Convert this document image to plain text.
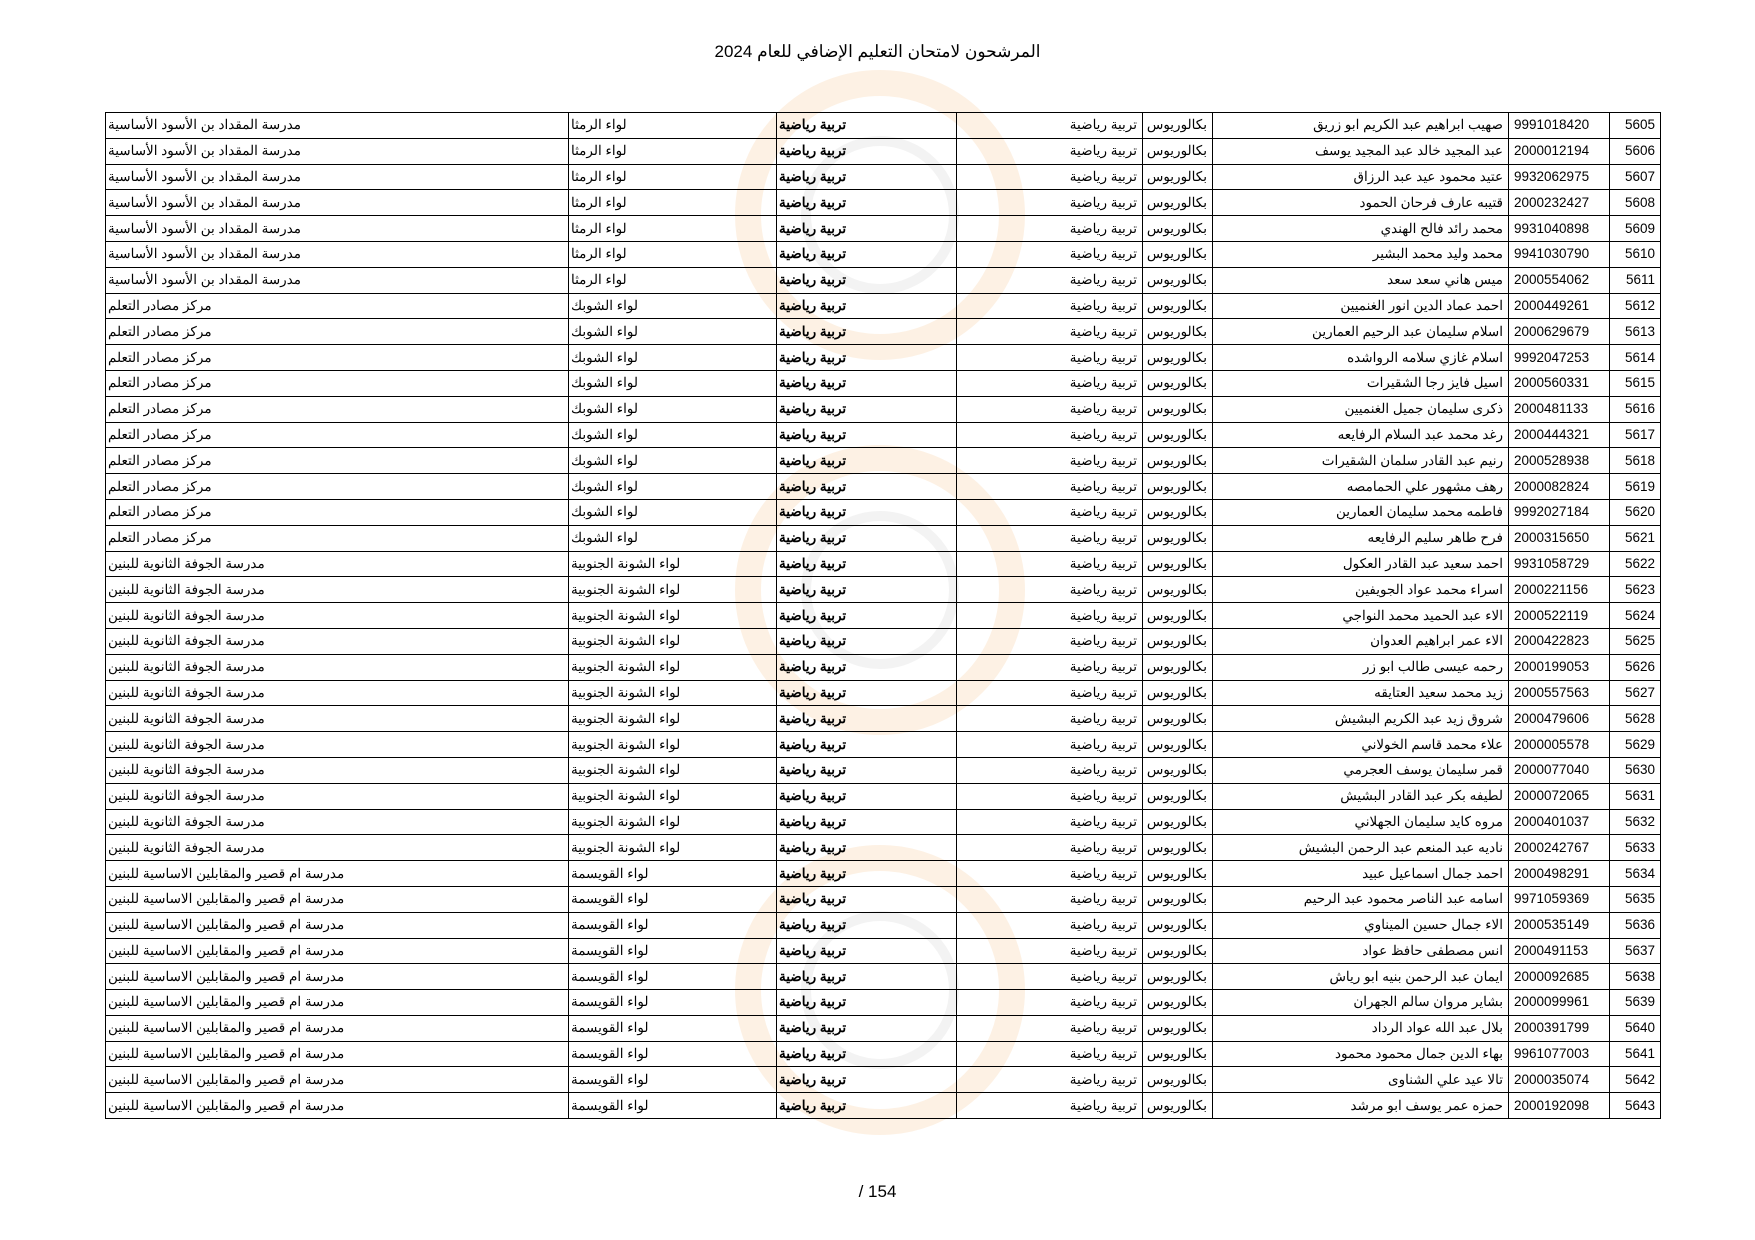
المرشحون لامتحان التعليم الإضافي للعام 2024
5605	9991018420	صهيب ابراهيم عبد الكريم ابو زريق	بكالوريوس	تربية رياضية	تربية رياضية	لواء الرمثا	مدرسة المقداد بن الأسود الأساسية
5606	2000012194	عبد المجيد خالد عبد المجيد يوسف	بكالوريوس	تربية رياضية	تربية رياضية	لواء الرمثا	مدرسة المقداد بن الأسود الأساسية
5607	9932062975	عتيد محمود عيد عبد الرزاق	بكالوريوس	تربية رياضية	تربية رياضية	لواء الرمثا	مدرسة المقداد بن الأسود الأساسية
5608	2000232427	قتيبه عارف فرحان الحمود	بكالوريوس	تربية رياضية	تربية رياضية	لواء الرمثا	مدرسة المقداد بن الأسود الأساسية
5609	9931040898	محمد رائد فالح الهندي	بكالوريوس	تربية رياضية	تربية رياضية	لواء الرمثا	مدرسة المقداد بن الأسود الأساسية
5610	9941030790	محمد وليد محمد البشير	بكالوريوس	تربية رياضية	تربية رياضية	لواء الرمثا	مدرسة المقداد بن الأسود الأساسية
5611	2000554062	ميس هاني سعد سعد	بكالوريوس	تربية رياضية	تربية رياضية	لواء الرمثا	مدرسة المقداد بن الأسود الأساسية
5612	2000449261	احمد عماد الدين انور الغنميين	بكالوريوس	تربية رياضية	تربية رياضية	لواء الشوبك	مركز مصادر التعلم
5613	2000629679	اسلام سليمان عبد الرحيم العمارين	بكالوريوس	تربية رياضية	تربية رياضية	لواء الشوبك	مركز مصادر التعلم
5614	9992047253	اسلام غازي سلامه الرواشده	بكالوريوس	تربية رياضية	تربية رياضية	لواء الشوبك	مركز مصادر التعلم
5615	2000560331	اسيل فايز رجا الشقيرات	بكالوريوس	تربية رياضية	تربية رياضية	لواء الشوبك	مركز مصادر التعلم
5616	2000481133	ذكرى سليمان جميل الغنميين	بكالوريوس	تربية رياضية	تربية رياضية	لواء الشوبك	مركز مصادر التعلم
5617	2000444321	رغد محمد عبد السلام الرفايعه	بكالوريوس	تربية رياضية	تربية رياضية	لواء الشوبك	مركز مصادر التعلم
5618	2000528938	رنيم عبد القادر سلمان الشقيرات	بكالوريوس	تربية رياضية	تربية رياضية	لواء الشوبك	مركز مصادر التعلم
5619	2000082824	رهف مشهور علي الحمامصه	بكالوريوس	تربية رياضية	تربية رياضية	لواء الشوبك	مركز مصادر التعلم
5620	9992027184	فاطمه محمد سليمان العمارين	بكالوريوس	تربية رياضية	تربية رياضية	لواء الشوبك	مركز مصادر التعلم
5621	2000315650	فرح طاهر سليم الرفايعه	بكالوريوس	تربية رياضية	تربية رياضية	لواء الشوبك	مركز مصادر التعلم
5622	9931058729	احمد سعيد عبد القادر العكول	بكالوريوس	تربية رياضية	تربية رياضية	لواء الشونة الجنوبية	مدرسة الجوفة الثانوية للبنين
5623	2000221156	اسراء محمد عواد الجويفين	بكالوريوس	تربية رياضية	تربية رياضية	لواء الشونة الجنوبية	مدرسة الجوفة الثانوية للبنين
5624	2000522119	الاء عبد الحميد محمد النواجي	بكالوريوس	تربية رياضية	تربية رياضية	لواء الشونة الجنوبية	مدرسة الجوفة الثانوية للبنين
5625	2000422823	الاء عمر ابراهيم العدوان	بكالوريوس	تربية رياضية	تربية رياضية	لواء الشونة الجنوبية	مدرسة الجوفة الثانوية للبنين
5626	2000199053	رحمه عيسى طالب ابو زر	بكالوريوس	تربية رياضية	تربية رياضية	لواء الشونة الجنوبية	مدرسة الجوفة الثانوية للبنين
5627	2000557563	زيد محمد سعيد العتايقه	بكالوريوس	تربية رياضية	تربية رياضية	لواء الشونة الجنوبية	مدرسة الجوفة الثانوية للبنين
5628	2000479606	شروق زيد عبد الكريم البشيش	بكالوريوس	تربية رياضية	تربية رياضية	لواء الشونة الجنوبية	مدرسة الجوفة الثانوية للبنين
5629	2000005578	علاء محمد قاسم الخولاني	بكالوريوس	تربية رياضية	تربية رياضية	لواء الشونة الجنوبية	مدرسة الجوفة الثانوية للبنين
5630	2000077040	قمر سليمان يوسف العجرمي	بكالوريوس	تربية رياضية	تربية رياضية	لواء الشونة الجنوبية	مدرسة الجوفة الثانوية للبنين
5631	2000072065	لطيفه بكر عبد القادر البشيش	بكالوريوس	تربية رياضية	تربية رياضية	لواء الشونة الجنوبية	مدرسة الجوفة الثانوية للبنين
5632	2000401037	مروه كايد سليمان الجهلاني	بكالوريوس	تربية رياضية	تربية رياضية	لواء الشونة الجنوبية	مدرسة الجوفة الثانوية للبنين
5633	2000242767	ناديه عبد المنعم عبد الرحمن البشيش	بكالوريوس	تربية رياضية	تربية رياضية	لواء الشونة الجنوبية	مدرسة الجوفة الثانوية للبنين
5634	2000498291	احمد جمال اسماعيل عبيد	بكالوريوس	تربية رياضية	تربية رياضية	لواء القويسمة	مدرسة ام قصير والمقابلين الاساسية للبنين
5635	9971059369	اسامه عبد الناصر محمود عبد الرحيم	بكالوريوس	تربية رياضية	تربية رياضية	لواء القويسمة	مدرسة ام قصير والمقابلين الاساسية للبنين
5636	2000535149	الاء جمال حسين الميناوي	بكالوريوس	تربية رياضية	تربية رياضية	لواء القويسمة	مدرسة ام قصير والمقابلين الاساسية للبنين
5637	2000491153	انس مصطفى حافظ عواد	بكالوريوس	تربية رياضية	تربية رياضية	لواء القويسمة	مدرسة ام قصير والمقابلين الاساسية للبنين
5638	2000092685	ايمان عبد الرحمن بنيه ابو رياش	بكالوريوس	تربية رياضية	تربية رياضية	لواء القويسمة	مدرسة ام قصير والمقابلين الاساسية للبنين
5639	2000099961	بشاير مروان سالم الجهران	بكالوريوس	تربية رياضية	تربية رياضية	لواء القويسمة	مدرسة ام قصير والمقابلين الاساسية للبنين
5640	2000391799	بلال عبد الله عواد الرداد	بكالوريوس	تربية رياضية	تربية رياضية	لواء القويسمة	مدرسة ام قصير والمقابلين الاساسية للبنين
5641	9961077003	بهاء الدين جمال محمود محمود	بكالوريوس	تربية رياضية	تربية رياضية	لواء القويسمة	مدرسة ام قصير والمقابلين الاساسية للبنين
5642	2000035074	تالا عيد علي الشناوى	بكالوريوس	تربية رياضية	تربية رياضية	لواء القويسمة	مدرسة ام قصير والمقابلين الاساسية للبنين
5643	2000192098	حمزه عمر يوسف ابو مرشد	بكالوريوس	تربية رياضية	تربية رياضية	لواء القويسمة	مدرسة ام قصير والمقابلين الاساسية للبنين
154 /
